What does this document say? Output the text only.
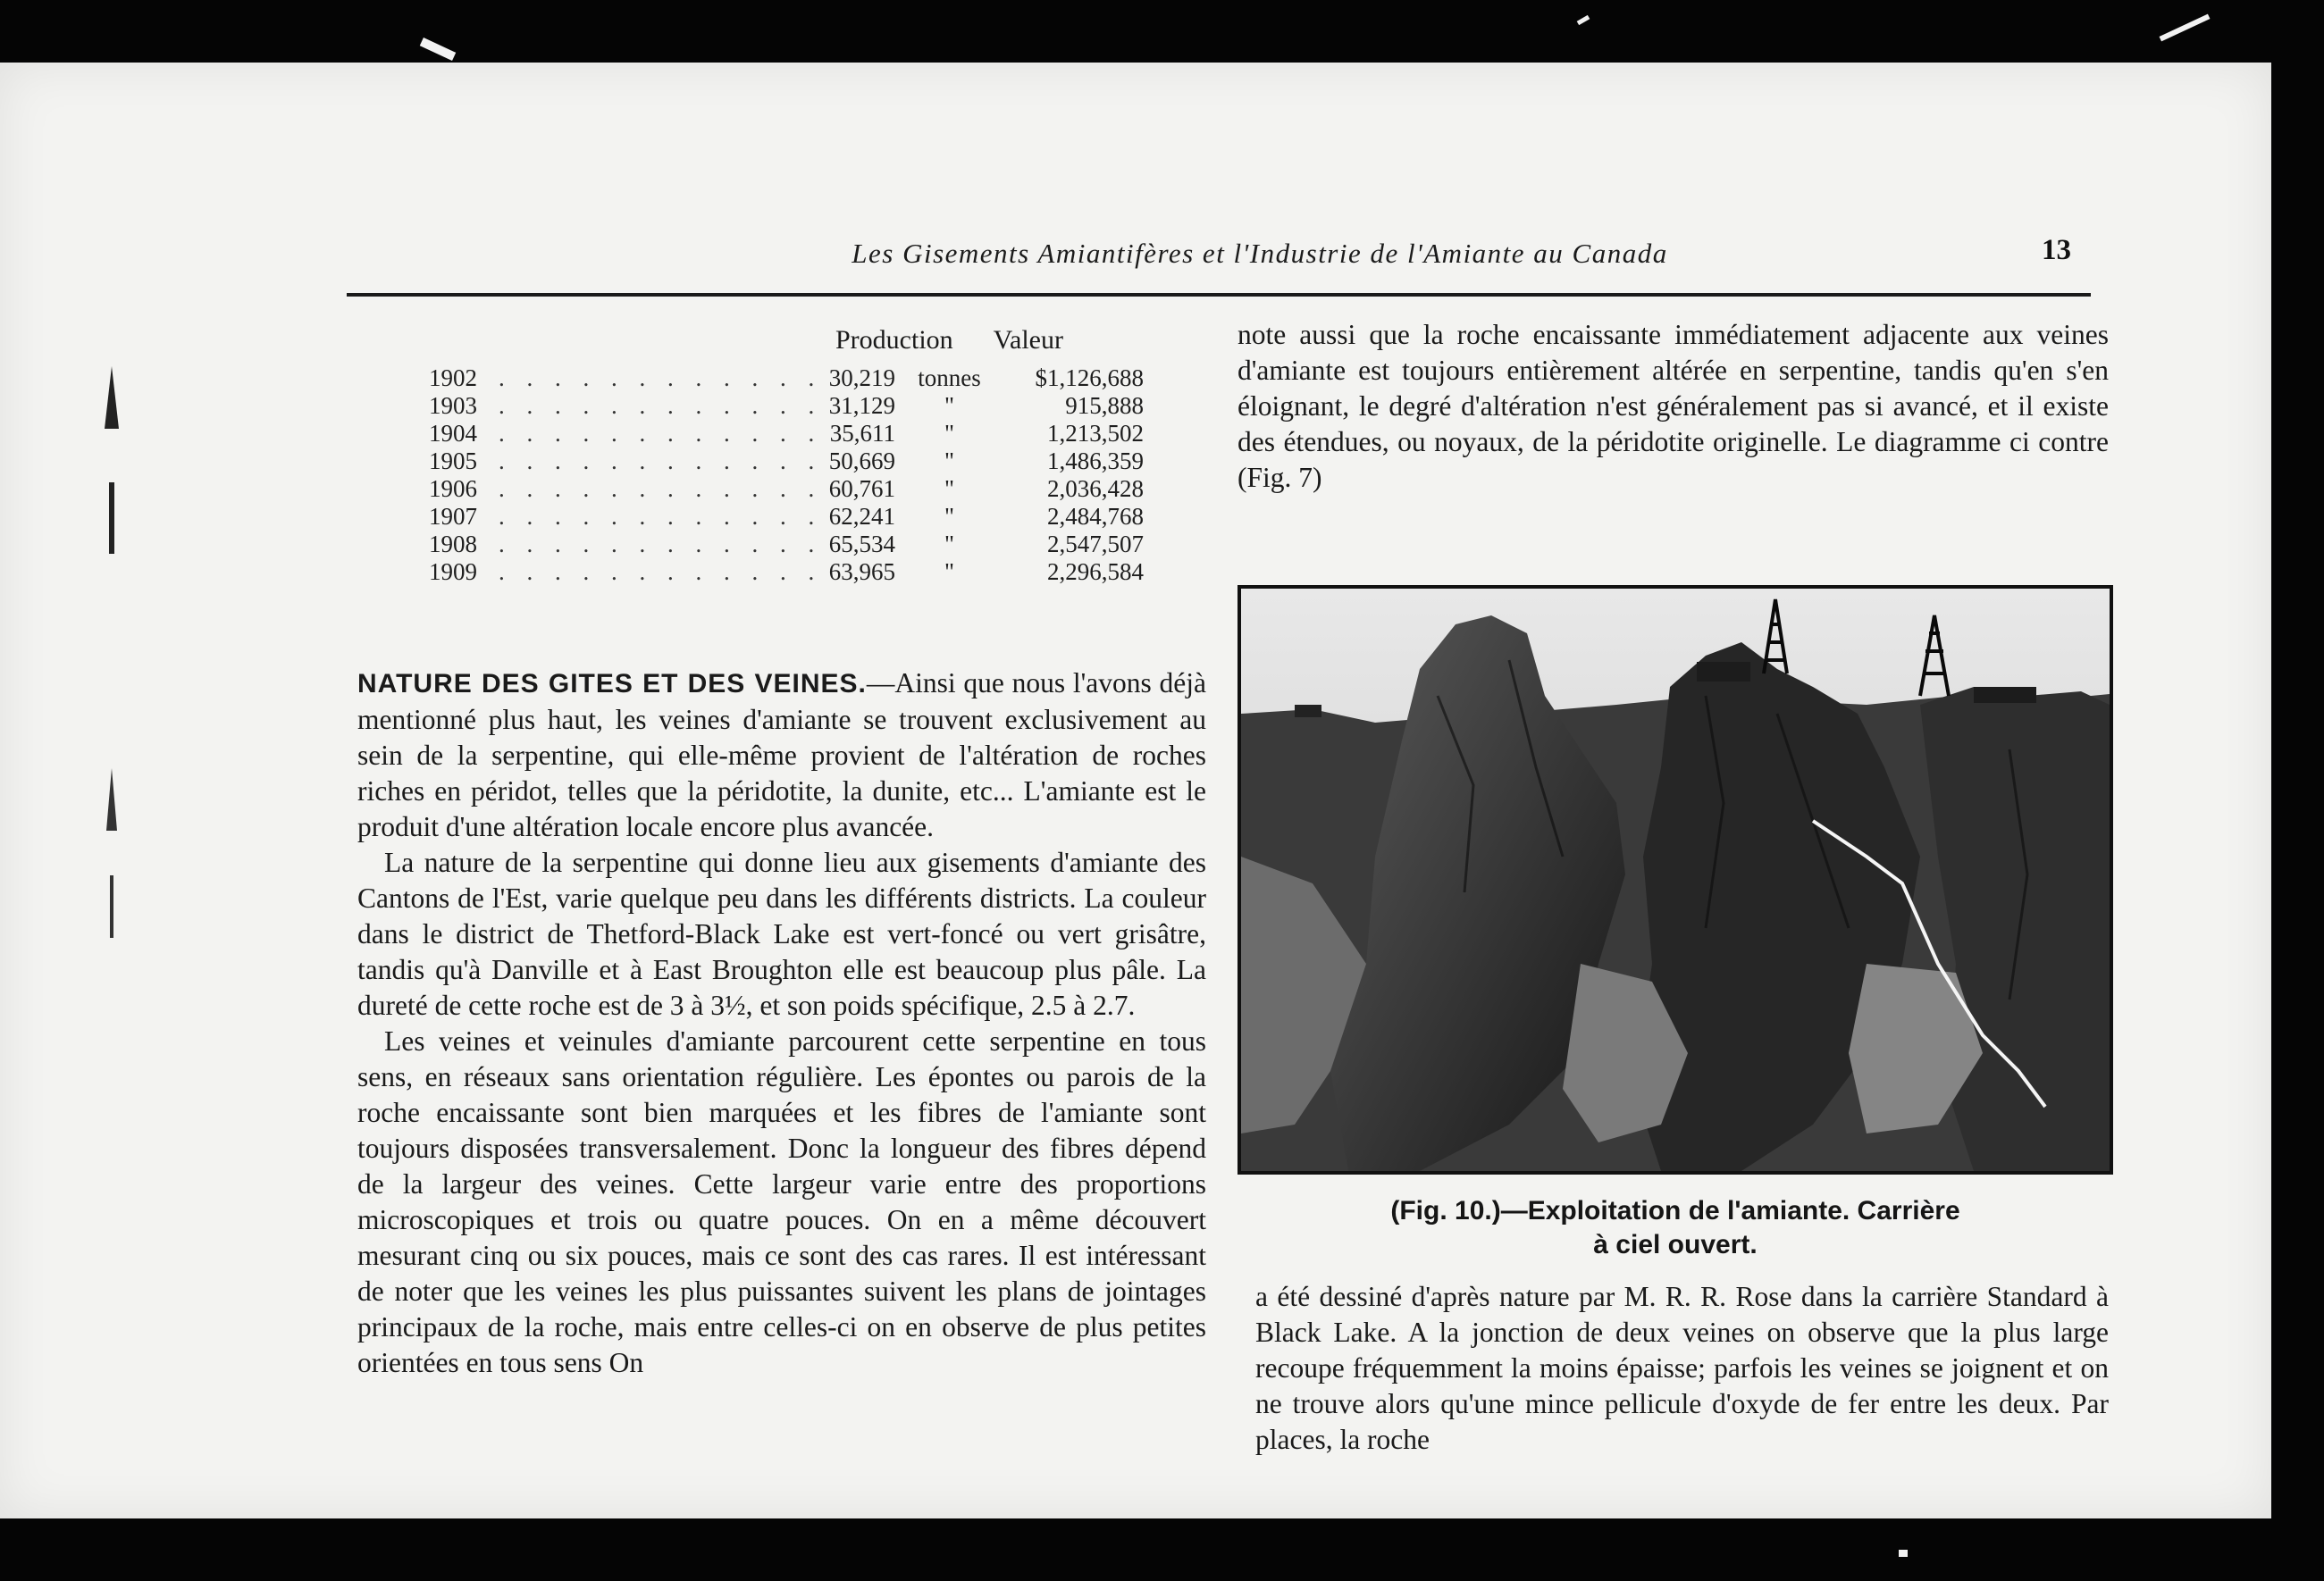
Les Gisements Amiantifères et l'Industrie de l'Amiante au Canada	13
Production Valeur
1902 . . . . . . . . . . . . 30,219 tonnes	$1,126,688
1903 . . . . . . . . . . . . 31,129	"	915,888
1904 . . . . . . . . . . . . 35,611	"	1,213,502
1905 . . . . . . . . . . . . 50,669	"	1,486,359
1906 . . . . . . . . . . . . 60,761	"	2,036,428
1907 . . . . . . . . . . . . 62,241	"	2,484,768
1908 . . . . . . . . . . . . 65,534	"	2,547,507
1909 . . . . . . . . . . . . 63,965	"	2,296,584

NATURE DES GITES ET DES VEINES.—Ainsi que nous l'avons déjà mentionné plus haut, les veines d'amiante se trouvent exclusivement au sein de la serpentine, qui elle-même provient de l'altération de roches riches en péridot, telles que la péridotite, la dunite, etc... L'amiante est le produit d'une altération locale encore plus avancée.

La nature de la serpentine qui donne lieu aux gisements d'amiante des Cantons de l'Est, varie quelque peu dans les différents districts. La couleur dans le district de Thetford-Black Lake est vert-foncé ou vert grisâtre, tandis qu'à Danville et à East Broughton elle est beaucoup plus pâle. La dureté de cette roche est de 3 à 3½, et son poids spécifique, 2.5 à 2.7.

Les veines et veinules d'amiante parcourent cette serpentine en tous sens, en réseaux sans orientation régulière. Les épontes ou parois de la roche encaissante sont bien marquées et les fibres de l'amiante sont toujours disposées transversalement. Donc la longueur des fibres dépend de la largeur des veines. Cette largeur varie entre des proportions microscopiques et trois ou quatre pouces. On en a même découvert mesurant cinq ou six pouces, mais ce sont des cas rares. Il est intéressant de noter que les veines les plus puissantes suivent les plans de jointages principaux de la roche, mais entre celles-ci on en observe de plus petites orientées en tous sens On

note aussi que la roche encaissante immédiatement adjacente aux veines d'amiante est toujours entièrement altérée en serpentine, tandis qu'en s'en éloignant, le degré d'altération n'est généralement pas si avancé, et il existe des étendues, ou noyaux, de la péridotite originelle. Le diagramme ci contre (Fig. 7)

(Fig. 10.)—Exploitation de l'amiante. Carrière
à ciel ouvert.

a été dessiné d'après nature par M. R. R. Rose dans la carrière Standard à Black Lake. A la jonction de deux veines on observe que la plus large recoupe fréquemment la moins épaisse; parfois les veines se joignent et on ne trouve alors qu'une mince pellicule d'oxyde de fer entre les deux. Par places, la roche
